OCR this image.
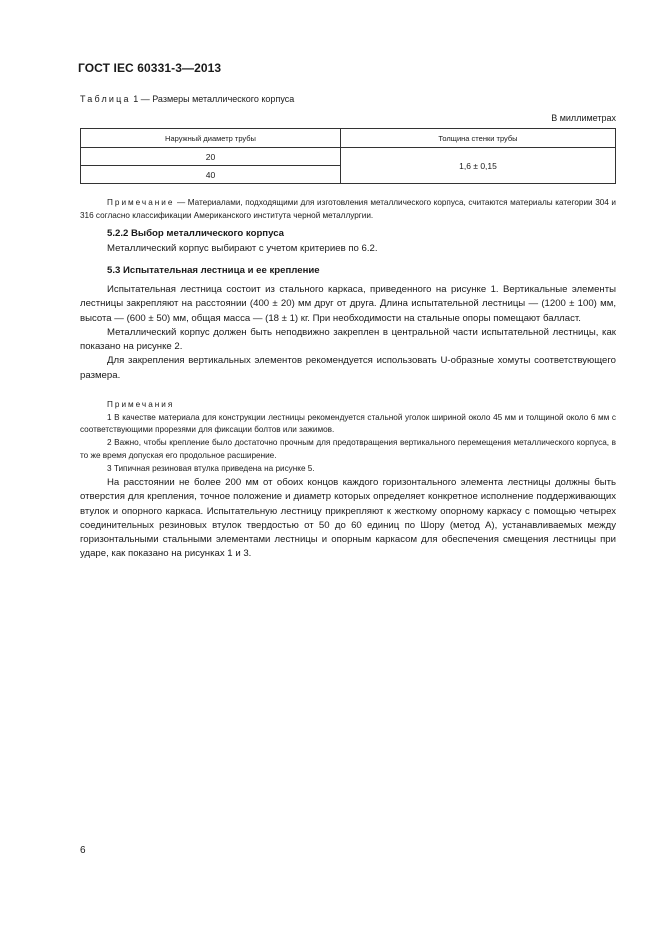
ГОСТ IEC 60331-3—2013
Таблица 1 — Размеры металлического корпуса
В миллиметрах
Наружный диаметр трубы	Толщина стенки трубы
20	1,6 ± 0,15
40	
Примечание — Материалами, подходящими для изготовления металлического корпуса, считаются материалы категории 304 и 316 согласно классификации Американского института черной металлургии.
5.2.2 Выбор металлического корпуса
Металлический корпус выбирают с учетом критериев по 6.2.
5.3 Испытательная лестница и ее крепление

Испытательная лестница состоит из стального каркаса, приведенного на рисунке 1. Вертикальные элементы лестницы закрепляют на расстоянии (400 ± 20) мм друг от друга. Длина испытательной лестницы — (1200 ± 100) мм, высота — (600 ± 50) мм, общая масса — (18 ± 1) кг. При необходимости на стальные опоры помещают балласт.

Металлический корпус должен быть неподвижно закреплен в центральной части испытательной лестницы, как показано на рисунке 2.

Для закрепления вертикальных элементов рекомендуется использовать U-образные хомуты соответствующего размера.

Примечания

1 В качестве материала для конструкции лестницы рекомендуется стальной уголок шириной около 45 мм и толщиной около 6 мм с соответствующими прорезями для фиксации болтов или зажимов.

2 Важно, чтобы крепление было достаточно прочным для предотвращения вертикального перемещения металлического корпуса, в то же время допуская его продольное расширение.

3 Типичная резиновая втулка приведена на рисунке 5.

На расстоянии не более 200 мм от обоих концов каждого горизонтального элемента лестницы должны быть отверстия для крепления, точное положение и диаметр которых определяет конкретное исполнение поддерживающих втулок и опорного каркаса. Испытательную лестницу прикрепляют к жесткому опорному каркасу с помощью четырех соединительных резиновых втулок твердостью от 50 до 60 единиц по Шору (метод А), устанавливаемых между горизонтальными стальными элементами лестницы и опорным каркасом для обеспечения смещения лестницы при ударе, как показано на рисунках 1 и 3.
6
